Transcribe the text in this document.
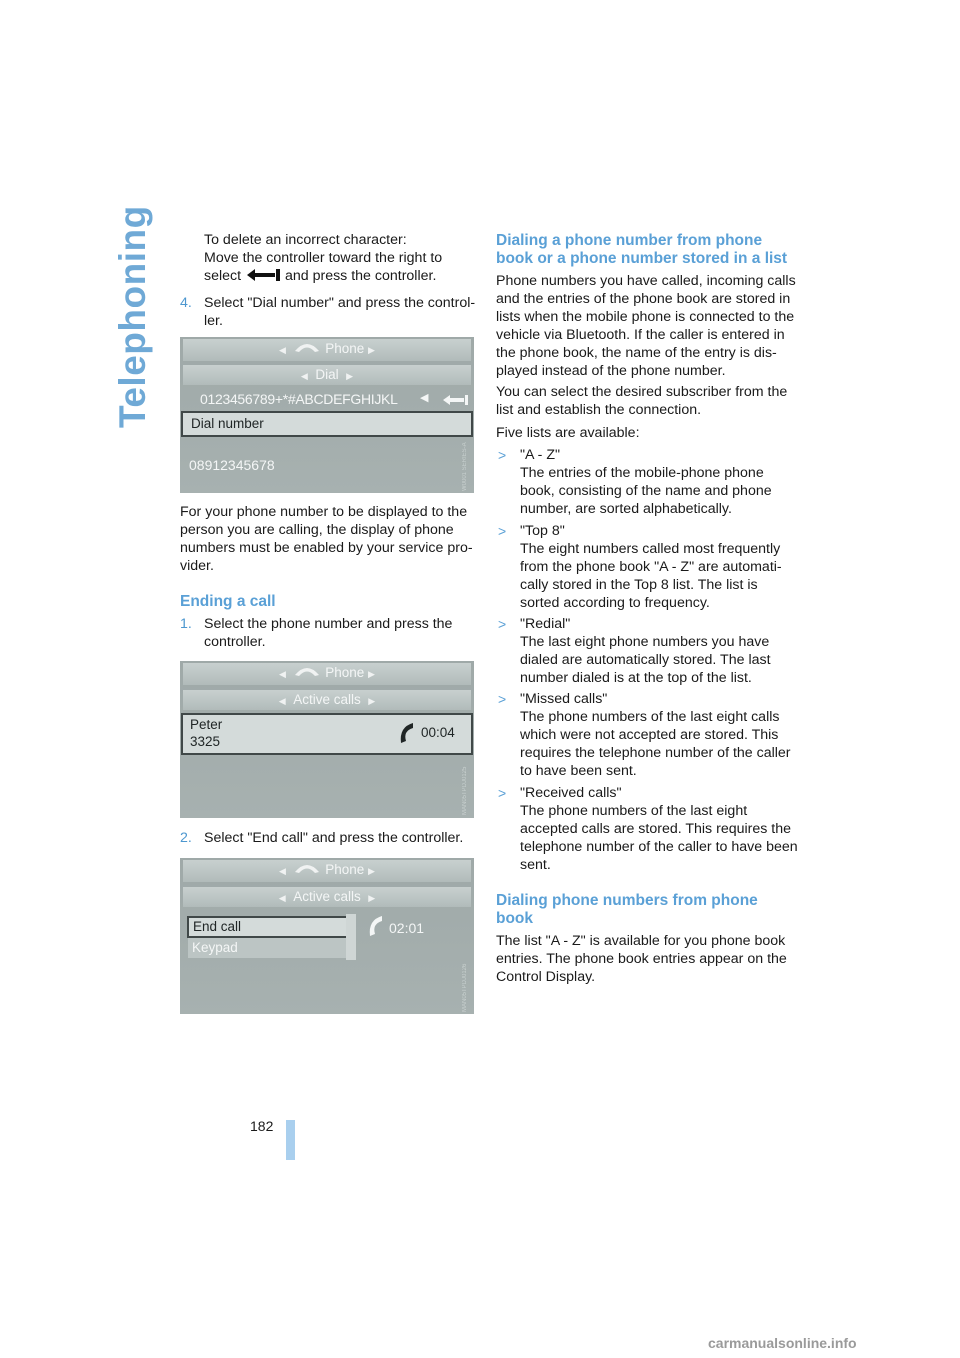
Telephoning	To delete an incorrect character:

Move the controller toward the right to

select	and press the controller.

4. Select "Dial number" and press the control-

ler.

◀	Phone ▶
◀ Dial ▶
0123456789+*#ABCDEFGHIJKL ◀
Dial number
08912345678	W0001 SERIES-A

For your phone number to be displayed to the

person you are calling, the display of phone

numbers must be enabled by your service pro-

vider.

Ending a call

1. Select the phone number and press the

controller.

◀	Phone ▶
◀ Active calls ▶
Peter
3325
00:04
MAN05TPDJ0125

2. Select "End call" and press the controller.

◀	Phone ▶
◀ Active calls ▶
End call
Keypad
02:01
MAN05TPDJ0126
Dialing a phone number from phone
book or a phone number stored in a list

Phone numbers you have called, incoming calls

and the entries of the phone book are stored in

lists when the mobile phone is connected to the

vehicle via Bluetooth. If the caller is entered in

the phone book, the name of the entry is dis-

played instead of the phone number.

You can select the desired subscriber from the

list and establish the connection.

Five lists are available:

> "A - Z"

The entries of the mobile-phone phone

book, consisting of the name and phone

number, are sorted alphabetically.

> "Top 8"

The eight numbers called most frequently

from the phone book "A - Z" are automati-

cally stored in the Top 8 list. The list is

sorted according to frequency.

> "Redial"

The last eight phone numbers you have

dialed are automatically stored. The last

number dialed is at the top of the list.

> "Missed calls"

The phone numbers of the last eight calls

which were not accepted are stored. This

requires the telephone number of the caller

to have been sent.

> "Received calls"

The phone numbers of the last eight

accepted calls are stored. This requires the

telephone number of the caller to have been

sent.

Dialing phone numbers from phone
book

The list "A - Z" is available for you phone book

entries. The phone book entries appear on the

Control Display.

182
carmanualsonline.info
